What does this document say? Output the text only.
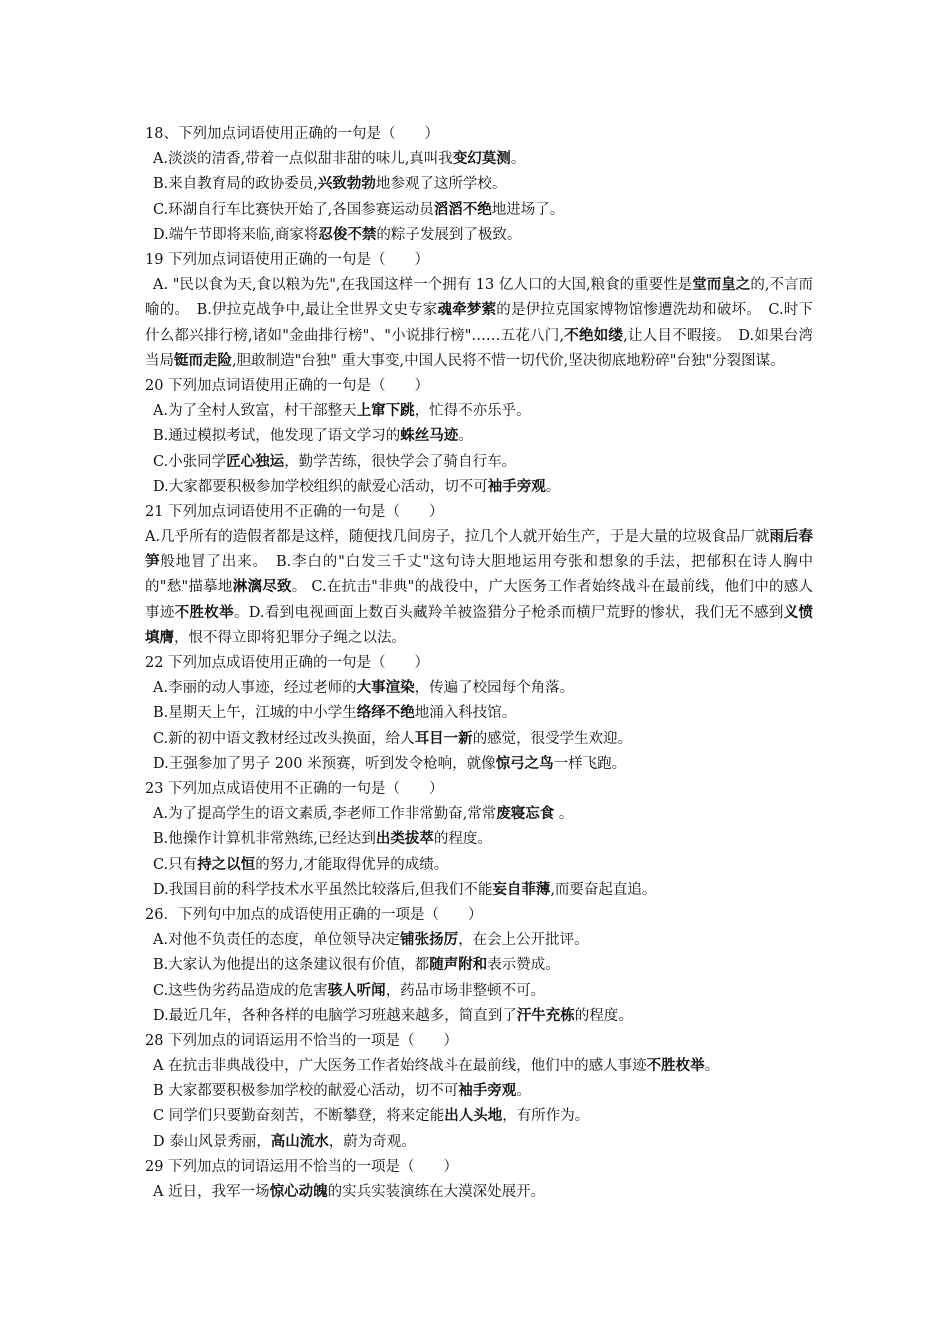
18、下列加点词语使用正确的一句是（　　）
A.淡淡的清香,带着一点似甜非甜的味儿,真叫我变幻莫测。
B.来自教育局的政协委员,兴致勃勃地参观了这所学校。
C.环湖自行车比赛快开始了,各国参赛运动员滔滔不绝地进场了。
D.端午节即将来临,商家将忍俊不禁的粽子发展到了极致。
19 下列加点词语使用正确的一句是（　　）
A. "民以食为天,食以粮为先",在我国这样一个拥有 13 亿人口的大国,粮食的重要性是堂而皇之的,不言而喻的。　B.伊拉克战争中,最让全世界文史专家魂牵梦萦的是伊拉克国家博物馆惨遭洗劫和破坏。　C.时下什么都兴排行榜,诸如"金曲排行榜"、"小说排行榜"……五花八门,不绝如缕,让人目不暇接。　D.如果台湾当局铤而走险,胆敢制造"台独" 重大事变,中国人民将不惜一切代价,坚决彻底地粉碎"台独"分裂图谋。
20 下列加点词语使用正确的一句是（　　）
A.为了全村人致富，村干部整天上窜下跳，忙得不亦乐乎。
B.通过模拟考试，他发现了语文学习的蛛丝马迹。
C.小张同学匠心独运，勤学苦练，很快学会了骑自行车。
D.大家都要积极参加学校组织的献爱心活动，切不可袖手旁观。
21 下列加点词语使用不正确的一句是（　　）
A.几乎所有的造假者都是这样，随便找几间房子，拉几个人就开始生产，于是大量的垃圾食品厂就雨后春笋般地冒了出来。　B.李白的"白发三千丈"这句诗大胆地运用夸张和想象的手法，把郁积在诗人胸中的"愁"描摹地淋漓尽致。 C.在抗击"非典"的战役中，广大医务工作者始终战斗在最前线，他们中的感人事迹不胜枚举。D.看到电视画面上数百头藏羚羊被盗猎分子枪杀而横尸荒野的惨状，我们无不感到义愤填膺，恨不得立即将犯罪分子绳之以法。
22 下列加点成语使用正确的一句是（　　）
A.李丽的动人事迹，经过老师的大事渲染，传遍了校园每个角落。
B.星期天上午，江城的中小学生络绎不绝地涌入科技馆。
C.新的初中语文教材经过改头换面，给人耳目一新的感觉，很受学生欢迎。
D.王强参加了男子 200 米预赛，听到发令枪响，就像惊弓之鸟一样飞跑。
23 下列加点成语使用不正确的一句是（　　）
A.为了提高学生的语文素质,李老师工作非常勤奋,常常废寝忘食 。
B.他操作计算机非常熟练,已经达到出类拔萃的程度。
C.只有持之以恒的努力,才能取得优异的成绩。
D.我国目前的科学技术水平虽然比较落后,但我们不能妄自菲薄,而要奋起直追。
26．下列句中加点的成语使用正确的一项是（　　）
A.对他不负责任的态度，单位领导决定铺张扬厉，在会上公开批评。
B.大家认为他提出的这条建议很有价值，都随声附和表示赞成。
C.这些伪劣药品造成的危害骇人听闻，药品市场非整顿不可。
D.最近几年，各种各样的电脑学习班越来越多，简直到了汗牛充栋的程度。
28 下列加点的词语运用不恰当的一项是（　　）
A 在抗击非典战役中，广大医务工作者始终战斗在最前线，他们中的感人事迹不胜枚举。
B 大家都要积极参加学校的献爱心活动，切不可袖手旁观。
C 同学们只要勤奋刻苦，不断攀登，将来定能出人头地，有所作为。
D 泰山风景秀丽，高山流水，蔚为奇观。
29 下列加点的词语运用不恰当的一项是（　　）
A 近日，我军一场惊心动魄的实兵实装演练在大漠深处展开。
